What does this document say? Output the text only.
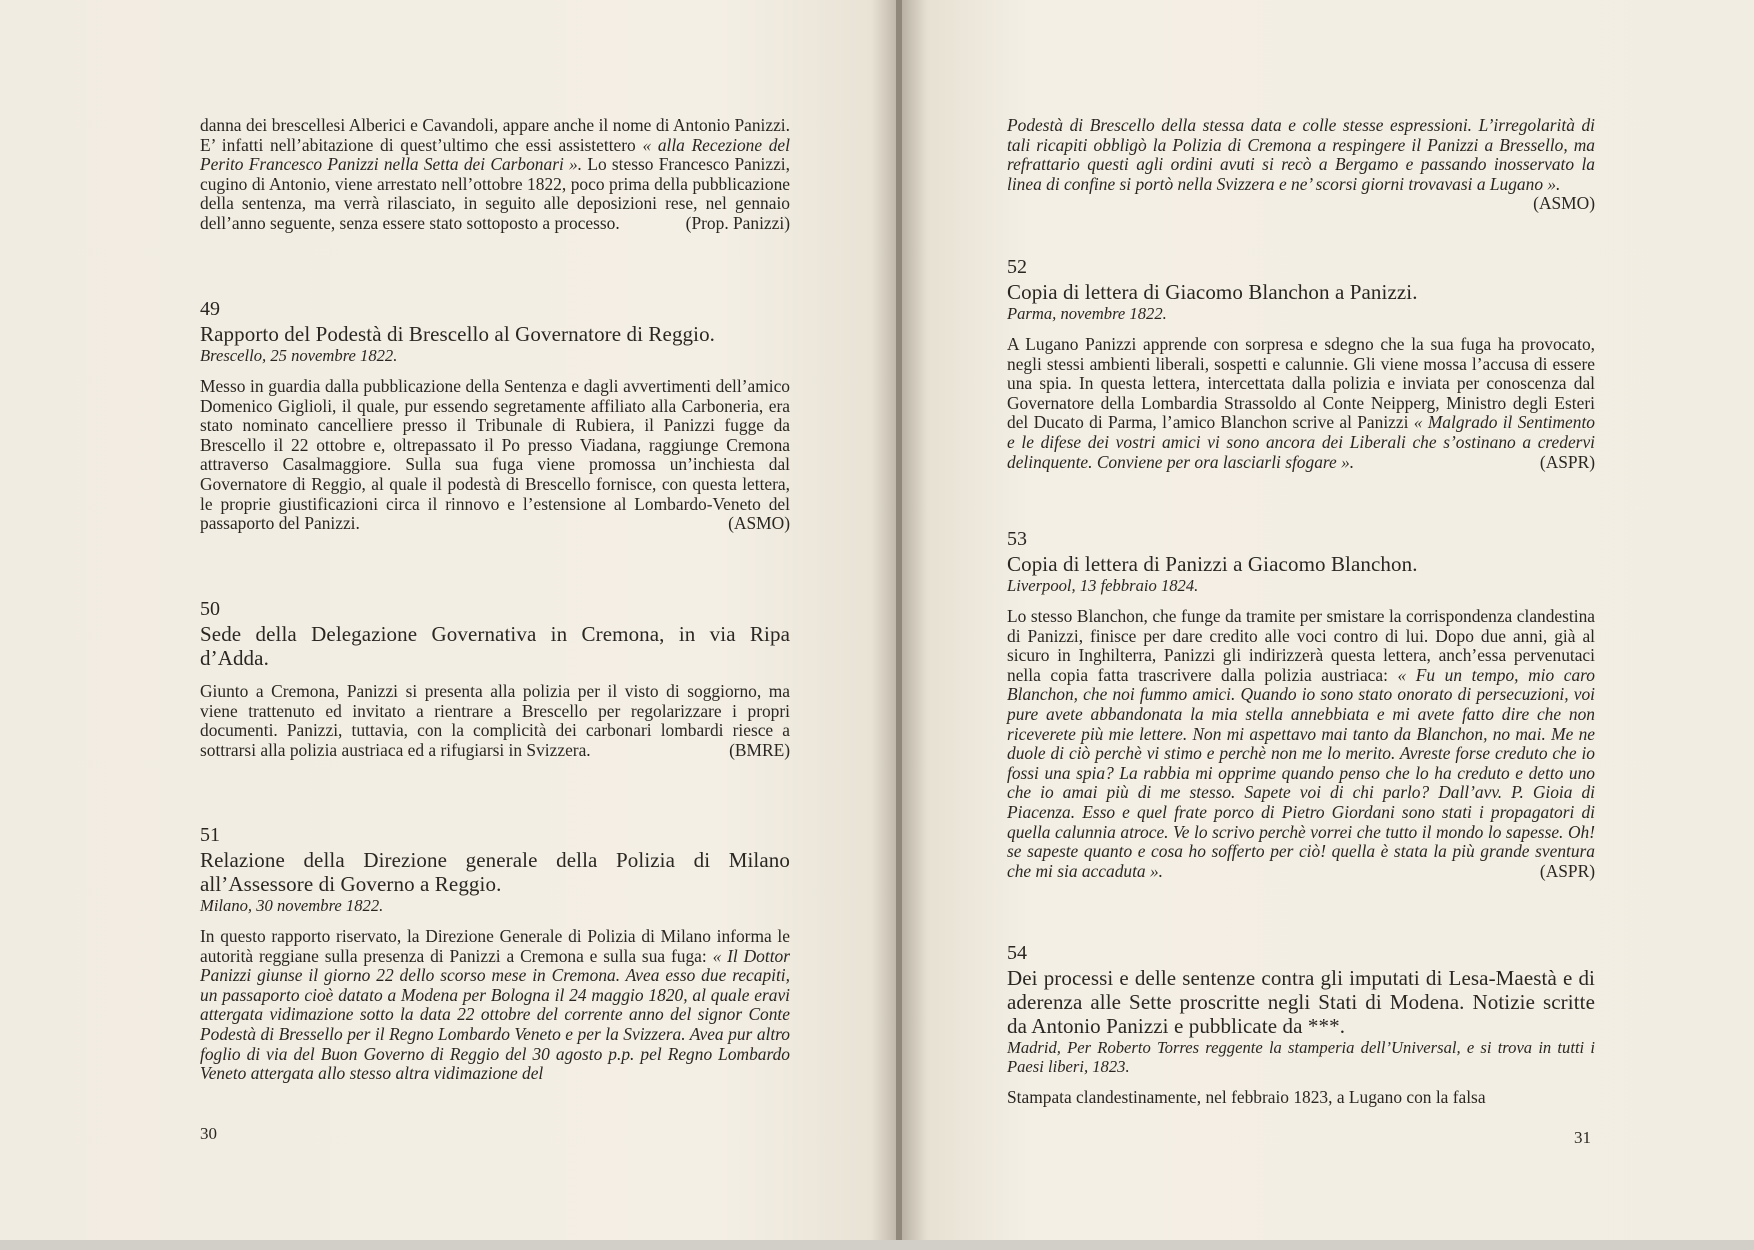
danna dei brescellesi Alberici e Cavandoli, appare anche il nome di Antonio Panizzi. E’ infatti nell’abitazione di quest’ultimo che essi assistettero « alla Recezione del Perito Francesco Panizzi nella Setta dei Carbonari ». Lo stesso Francesco Panizzi, cugino di Antonio, viene arrestato nell’ottobre 1822, poco prima della pubblicazione della sentenza, ma verrà rilasciato, in seguito alle deposizioni rese, nel gennaio dell’anno seguente, senza essere stato sottoposto a processo.	(Prop. Panizzi)

49
Rapporto del Podestà di Brescello al Governatore di Reggio.
Brescello, 25 novembre 1822.

Messo in guardia dalla pubblicazione della Sentenza e dagli avvertimenti dell’amico Domenico Giglioli, il quale, pur essendo segretamente affiliato alla Carboneria, era stato nominato cancelliere presso il Tribunale di Rubiera, il Panizzi fugge da Brescello il 22 ottobre e, oltrepassato il Po presso Viadana, raggiunge Cremona attraverso Casalmaggiore. Sulla sua fuga viene promossa un’inchiesta dal Governatore di Reggio, al quale il podestà di Brescello fornisce, con questa lettera, le proprie giustificazioni circa il rinnovo e l’estensione al Lombardo-Veneto del passaporto del Panizzi.	(ASMO)

50
Sede della Delegazione Governativa in Cremona, in via Ripa d’Adda.

Giunto a Cremona, Panizzi si presenta alla polizia per il visto di soggiorno, ma viene trattenuto ed invitato a rientrare a Brescello per regolarizzare i propri documenti. Panizzi, tuttavia, con la complicità dei carbonari lombardi riesce a sottrarsi alla polizia austriaca ed a rifugiarsi in Svizzera.	(BMRE)

51
Relazione della Direzione generale della Polizia di Milano all’Assessore di Governo a Reggio.
Milano, 30 novembre 1822.

In questo rapporto riservato, la Direzione Generale di Polizia di Milano informa le autorità reggiane sulla presenza di Panizzi a Cremona e sulla sua fuga: « Il Dottor Panizzi giunse il giorno 22 dello scorso mese in Cremona. Avea esso due recapiti, un passaporto cioè datato a Modena per Bologna il 24 maggio 1820, al quale eravi attergata vidimazione sotto la data 22 ottobre del corrente anno del signor Conte Podestà di Bressello per il Regno Lombardo Veneto e per la Svizzera. Avea pur altro foglio di via del Buon Governo di Reggio del 30 agosto p.p. pel Regno Lombardo Veneto attergata allo stesso altra vidimazione del

30

Podestà di Brescello della stessa data e colle stesse espressioni. L’irregolarità di tali ricapiti obbligò la Polizia di Cremona a respingere il Panizzi a Bressello, ma refrattario questi agli ordini avuti si recò a Bergamo e passando inosservato la linea di confine si portò nella Svizzera e ne’ scorsi giorni trovavasi a Lugano ».
(ASMO)

52
Copia di lettera di Giacomo Blanchon a Panizzi.
Parma, novembre 1822.

A Lugano Panizzi apprende con sorpresa e sdegno che la sua fuga ha provocato, negli stessi ambienti liberali, sospetti e calunnie. Gli viene mossa l’accusa di essere una spia. In questa lettera, intercettata dalla polizia e inviata per conoscenza dal Governatore della Lombardia Strassoldo al Conte Neipperg, Ministro degli Esteri del Ducato di Parma, l’amico Blanchon scrive al Panizzi « Malgrado il Sentimento e le difese dei vostri amici vi sono ancora dei Liberali che s’ostinano a credervi delinquente. Conviene per ora lasciarli sfogare ».	(ASPR)

53
Copia di lettera di Panizzi a Giacomo Blanchon.
Liverpool, 13 febbraio 1824.

Lo stesso Blanchon, che funge da tramite per smistare la corrispondenza clandestina di Panizzi, finisce per dare credito alle voci contro di lui. Dopo due anni, già al sicuro in Inghilterra, Panizzi gli indirizzerà questa lettera, anch’essa pervenutaci nella copia fatta trascrivere dalla polizia austriaca: « Fu un tempo, mio caro Blanchon, che noi fummo amici. Quando io sono stato onorato di persecuzioni, voi pure avete abbandonata la mia stella annebbiata e mi avete fatto dire che non riceverete più mie lettere. Non mi aspettavo mai tanto da Blanchon, no mai. Me ne duole di ciò perchè vi stimo e perchè non me lo merito. Avreste forse creduto che io fossi una spia? La rabbia mi opprime quando penso che lo ha creduto e detto uno che io amai più di me stesso. Sapete voi di chi parlo? Dall’avv. P. Gioia di Piacenza. Esso e quel frate porco di Pietro Giordani sono stati i propagatori di quella calunnia atroce. Ve lo scrivo perchè vorrei che tutto il mondo lo sapesse. Oh! se sapeste quanto e cosa ho sofferto per ciò! quella è stata la più grande sventura che mi sia accaduta ».	(ASPR)

54
Dei processi e delle sentenze contra gli imputati di Lesa-Maestà e di aderenza alle Sette proscritte negli Stati di Modena. Notizie scritte da Antonio Panizzi e pubblicate da ***.
Madrid, Per Roberto Torres reggente la stamperia dell’Universal, e si trova in tutti i Paesi liberi, 1823.

Stampata clandestinamente, nel febbraio 1823, a Lugano con la falsa

31
